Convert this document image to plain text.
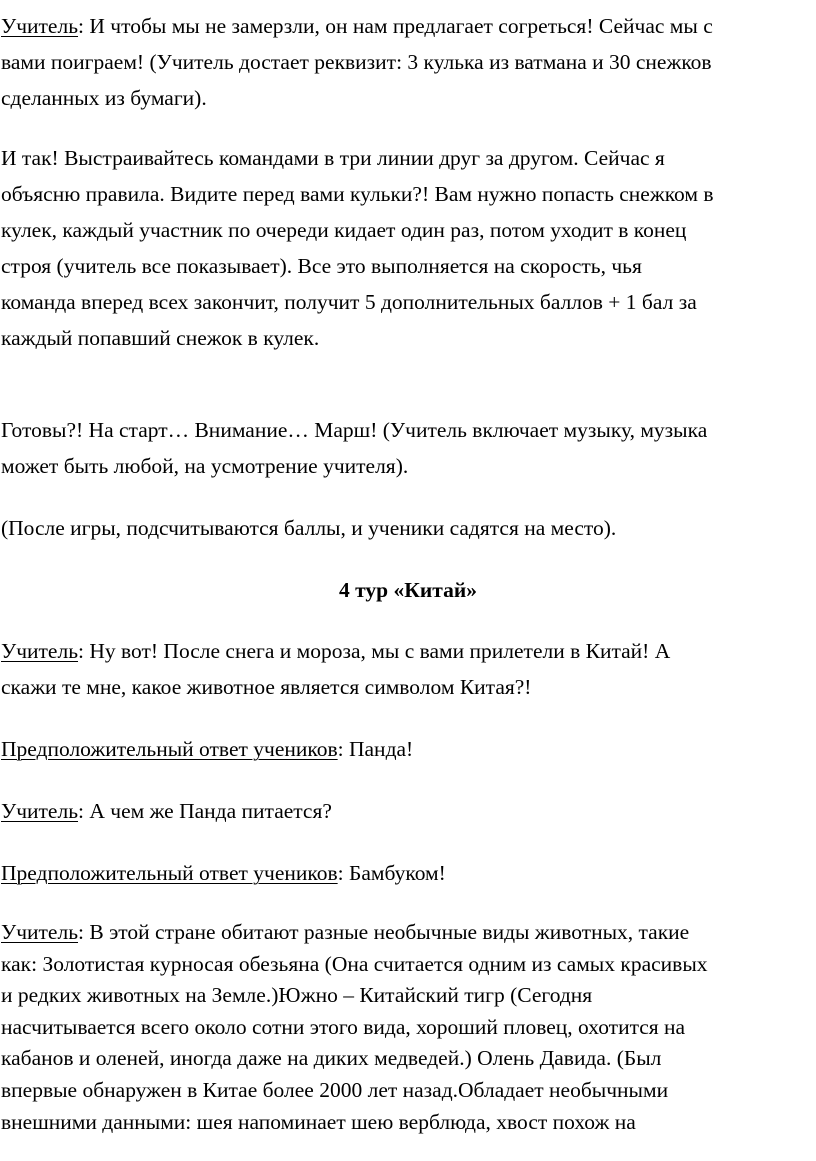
Учитель: И чтобы мы не замерзли, он нам предлагает согреться! Сейчас мы с
вами поиграем! (Учитель достает реквизит: 3 кулька из ватмана и 30 снежков
сделанных из бумаги).
И так! Выстраивайтесь командами в три линии друг за другом. Сейчас я
объясню правила. Видите перед вами кульки?! Вам нужно попасть снежком в
кулек, каждый участник по очереди кидает один раз, потом уходит в конец
строя (учитель все показывает). Все это выполняется на скорость, чья
команда вперед всех закончит, получит 5 дополнительных баллов + 1 бал за
каждый попавший снежок в кулек.
Готовы?! На старт… Внимание… Марш! (Учитель включает музыку, музыка
может быть любой, на усмотрение учителя).
(После игры, подсчитываются баллы, и ученики садятся на место).
4 тур «Китай»
Учитель: Ну вот! После снега и мороза, мы с вами прилетели в Китай! А
скажи те мне, какое животное является символом Китая?!
Предположительный ответ учеников: Панда!
Учитель: А чем же Панда питается?
Предположительный ответ учеников: Бамбуком!
Учитель: В этой стране обитают разные необычные виды животных, такие
как: Золотистая курносая обезьяна (Она считается одним из самых красивых
и редких животных на Земле.)Южно – Китайский тигр (Сегодня
насчитывается всего около сотни этого вида, хороший пловец, охотится на
кабанов и оленей, иногда даже на диких медведей.) Олень Давида. (Был
впервые обнаружен в Китае более 2000 лет назад.Обладает необычными
внешними данными: шея напоминает шею верблюда, хвост похож на
